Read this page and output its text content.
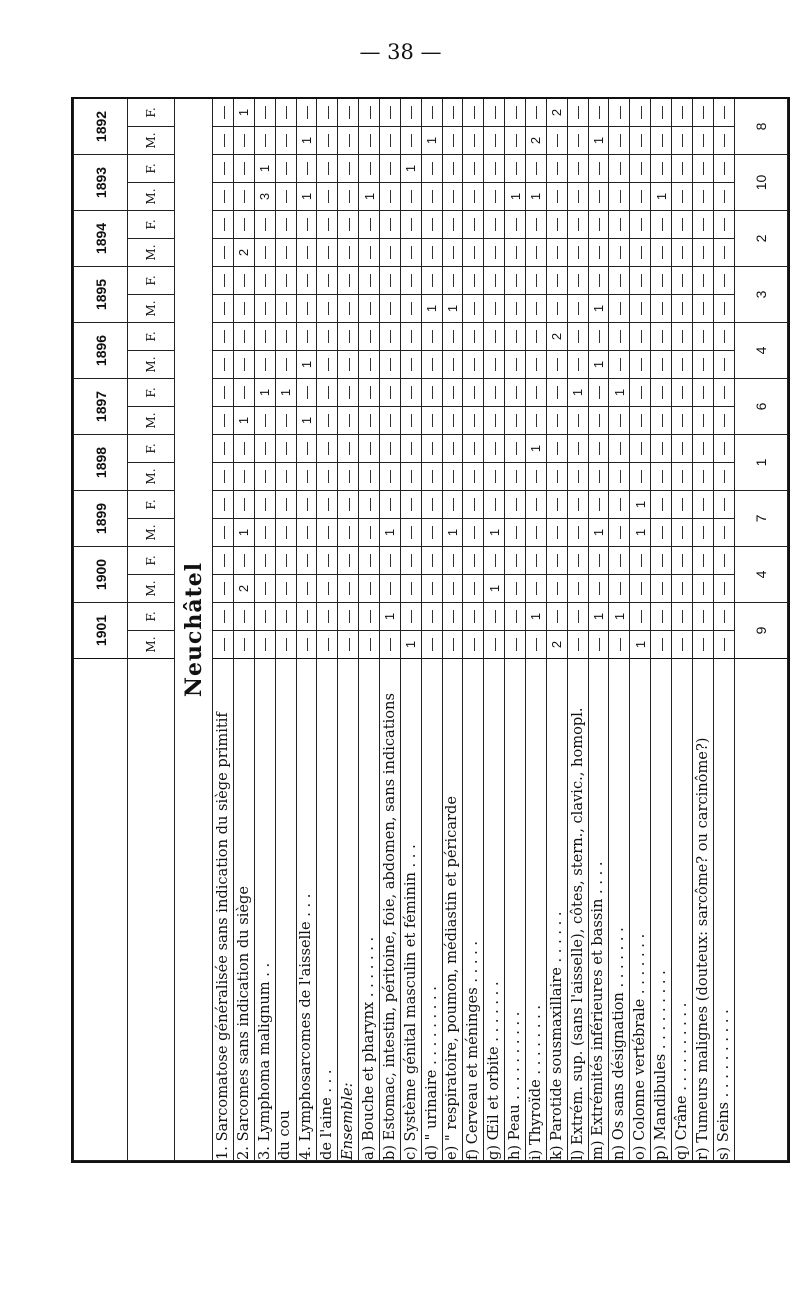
— 38 —
	1901		1900		1899		1898		1897		1896		1895		1894		1893		1892	
	M.	F.	M.	F.	M.	F.	M.	F.	M.	F.	M.	F.	M.	F.	M.	F.	M.	F.	M.	F.
Neuchâtel																				
1. Sarcomatose généralisée sans indication du siège primitif	—	—	—	—	—	—	—	—	—	—	—	—	—	—	—	—	—	—	—	—
2. Sarcomes sans indication du siège	—	—	2	—	1	—	—	—	1	—	—	—	—	—	2	—	—	—	—	1
3. Lymphoma malignum . .	—	—	—	—	—	—	—	—	—	1	—	—	—	—	—	—	3	1	—	—
du cou	—	—	—	—	—	—	—	—	—	1	—	—	—	—	—	—	—	—	—	—
4. Lymphosarcomes de l'aisselle . . .	—	—	—	—	—	—	—	—	1	—	1	—	—	—	—	—	1	—	1	—
de l'aine . . .	—	—	—	—	—	—	—	—	—	—	—	—	—	—	—	—	—	—	—	—
Ensemble:	—	—	—	—	—	—	—	—	—	—	—	—	—	—	—	—	—	—	—	—
a) Bouche et pharynx . . . . . . .	—	—	—	—	—	—	—	—	—	—	—	—	—	—	—	—	1	—	—	—
b) Estomac, intestin, péritoine, foie, abdomen, sans indications	—	1	—	—	1	—	—	—	—	—	—	—	—	—	—	—	—	—	—	—
c) Système génital masculin et féminin . . .	1	—	—	—	—	—	—	—	—	—	—	—	—	—	—	—	—	1	—	—
d) " urinaire . . . . . . . . .	—	—	—	—	—	—	—	—	—	—	—	—	1	—	—	—	—	—	1	—
e) " respiratoire, poumon, médiastin et péricarde	—	—	—	—	1	—	—	—	—	—	—	—	1	—	—	—	—	—	—	—
f) Cerveau et méninges . . . . .	—	—	—	—	—	—	—	—	—	—	—	—	—	—	—	—	—	—	—	—
g) Œil et orbite . . . . . . .	—	—	1	—	1	—	—	—	—	—	—	—	—	—	—	—	—	—	—	—
h) Peau . . . . . . . . . .	—	—	—	—	—	—	—	—	—	—	—	—	—	—	—	—	1	—	—	—
i) Thyroïde . . . . . . . .	—	1	—	—	—	—	—	1	—	—	—	—	—	—	—	—	1	—	2	—
k) Parotide sousmaxillaire . . . . . .	2	—	—	—	—	—	—	—	—	—	—	2	—	—	—	—	—	—	—	2
l) Extrém. sup. (sans l'aisselle), côtes, stern., clavic., homopl.	—	—	—	—	—	—	—	—	—	1	—	—	—	—	—	—	—	—	—	—
m) Extrémités inférieures et bassin . . . .	—	1	—	—	1	—	—	—	—	—	1	—	1	—	—	—	—	—	1	—
n) Os sans désignation . . . . . . .	—	1	—	—	—	—	—	—	—	1	—	—	—	—	—	—	—	—	—	—
o) Colonne vertébrale . . . . . . .	1	—	—	—	1	1	—	—	—	—	—	—	—	—	—	—	—	—	—	—
p) Mandibules . . . . . . . . .	—	—	—	—	—	—	—	—	—	—	—	—	—	—	—	—	1	—	—	—
q) Crâne . . . . . . . . . .	—	—	—	—	—	—	—	—	—	—	—	—	—	—	—	—	—	—	—	—
r) Tumeurs malignes (douteux: sarcôme? ou carcinôme?)	—	—	—	—	—	—	—	—	—	—	—	—	—	—	—	—	—	—	—	—
s) Seins . . . . . . . . . .	—	—	—	—	—	—	—	—	—	—	—	—	—	—	—	—	—	—	—	—
	9		4		7		1		6		4		3		2		10		8	
